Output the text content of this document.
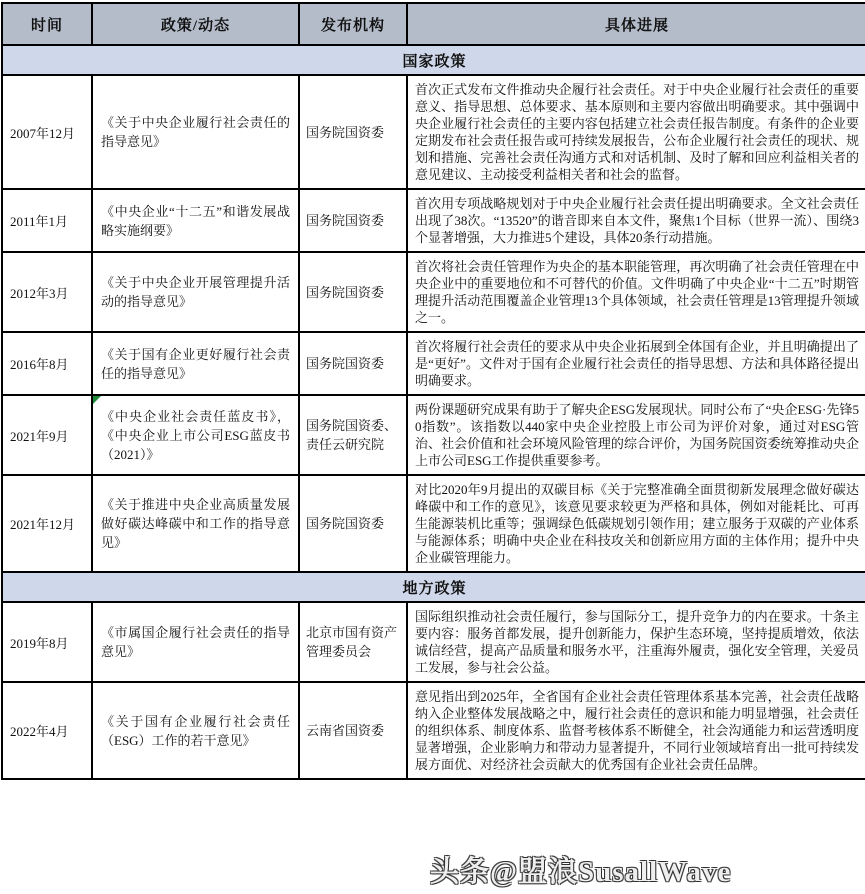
时间	政策/动态	发布机构	具体进展
国家政策			
2007年12月	《关于中央企业履行社会责任的指导意见》	国务院国资委	首次正式发布文件推动央企履行社会责任。对于中央企业履行社会责任的重要意义、指导思想、总体要求、基本原则和主要内容做出明确要求。其中强调中央企业履行社会责任的主要内容包括建立社会责任报告制度。有条件的企业要定期发布社会责任报告或可持续发展报告，公布企业履行社会责任的现状、规划和措施、完善社会责任沟通方式和对话机制、及时了解和回应利益相关者的意见建议、主动接受利益相关者和社会的监督。
2011年1月	《中央企业“十二五”和谐发展战略实施纲要》	国务院国资委	首次用专项战略规划对于中央企业履行社会责任提出明确要求。全文社会责任出现了38次。“13520”的谐音即来自本文件，聚焦1个目标（世界一流）、围绕3个显著增强，大力推进5个建设，具体20条行动措施。
2012年3月	《关于中央企业开展管理提升活动的指导意见》	国务院国资委	首次将社会责任管理作为央企的基本职能管理，再次明确了社会责任管理在中央企业中的重要地位和不可替代的价值。文件明确了中央企业“十二五”时期管理提升活动范围覆盖企业管理13个具体领域，社会责任管理是13管理提升领域之一。
2016年8月	《关于国有企业更好履行社会责任的指导意见》	国务院国资委	首次将履行社会责任的要求从中央企业拓展到全体国有企业，并且明确提出了是“更好”。文件对于国有企业履行社会责任的指导思想、方法和具体路径提出明确要求。
2021年9月	《中央企业社会责任蓝皮书》，《中央企业上市公司ESG蓝皮书（2021）》	国务院国资委、责任云研究院	两份课题研究成果有助于了解央企ESG发展现状。同时公布了“央企ESG·先锋50指数”。该指数以440家中央企业控股上市公司为评价对象，通过对ESG管治、社会价值和社会环境风险管理的综合评价，为国务院国资委统筹推动央企上市公司ESG工作提供重要参考。
2021年12月	《关于推进中央企业高质量发展做好碳达峰碳中和工作的指导意见》	国务院国资委	对比2020年9月提出的双碳目标《关于完整准确全面贯彻新发展理念做好碳达峰碳中和工作的意见》，该意见要求较更为严格和具体，例如对能耗比、可再生能源装机比重等；强调绿色低碳规划引领作用；建立服务于双碳的产业体系与能源体系；明确中央企业在科技攻关和创新应用方面的主体作用；提升中央企业碳管理能力。
地方政策			
2019年8月	《市属国企履行社会责任的指导意见》	北京市国有资产管理委员会	国际组织推动社会责任履行，参与国际分工，提升竞争力的内在要求。十条主要内容：服务首都发展，提升创新能力，保护生态环境，坚持提质增效，依法诚信经营，提高产品质量和服务水平，注重海外履责，强化安全管理，关爱员工发展，参与社会公益。
2022年4月	《关于国有企业履行社会责任（ESG）工作的若干意见》	云南省国资委	意见指出到2025年，全省国有企业社会责任管理体系基本完善，社会责任战略纳入企业整体发展战略之中，履行社会责任的意识和能力明显增强，社会责任的组织体系、制度体系、监督考核体系不断健全，社会沟通能力和运营透明度显著增强，企业影响力和带动力显著提升，不同行业领域培育出一批可持续发展方面优、对经济社会贡献大的优秀国有企业社会责任品牌。
头条@盟浪SusallWave
